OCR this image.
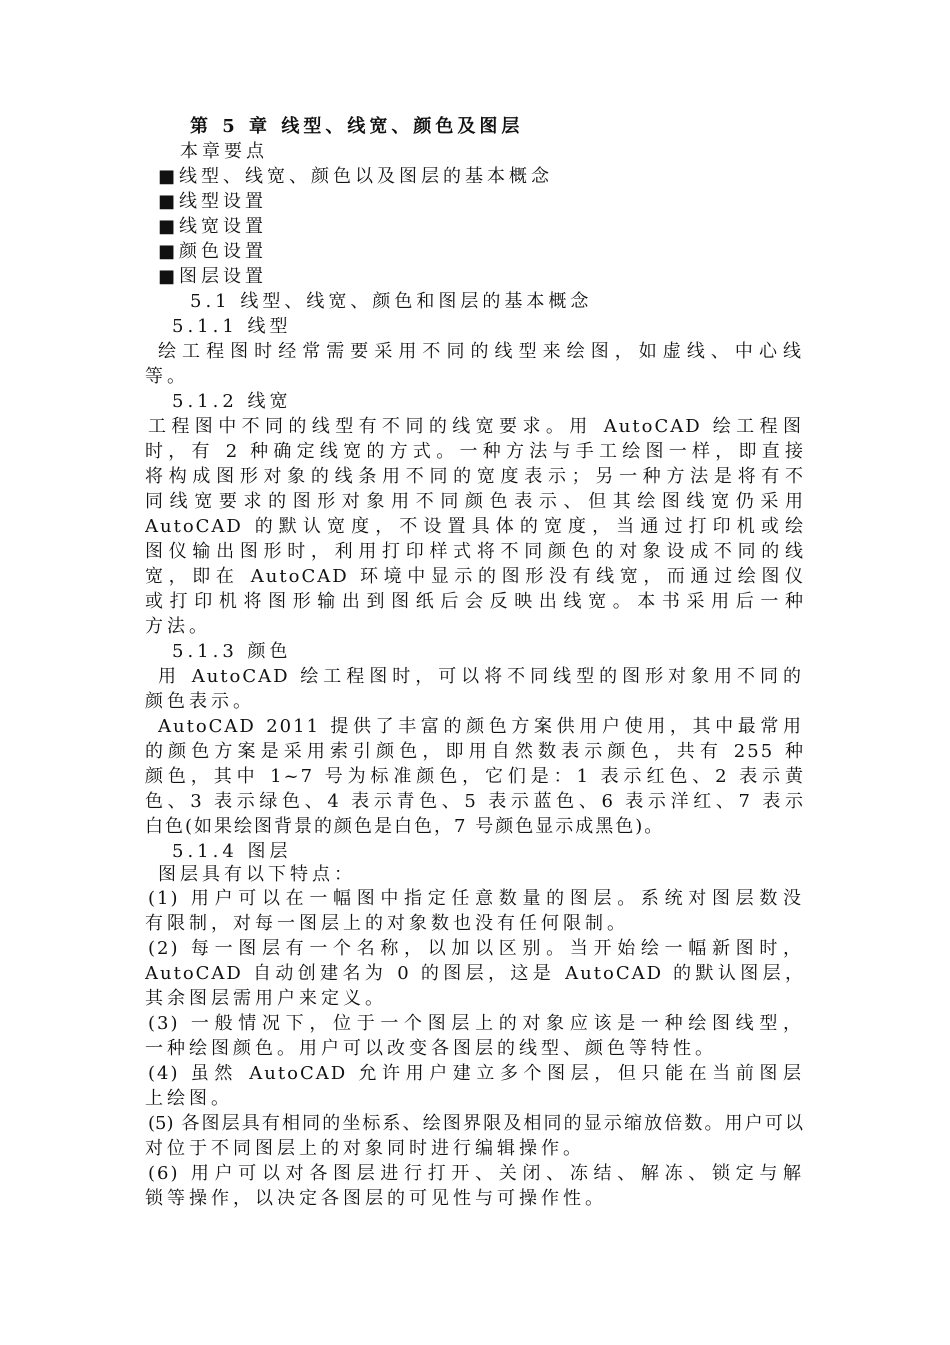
第 5 章 线型、线宽、颜色及图层
本章要点
■线型、线宽、颜色以及图层的基本概念
■线型设置
■线宽设置
■颜色设置
■图层设置
5.1 线型、线宽、颜色和图层的基本概念
5.1.1 线型
绘工程图时经常需要采用不同的线型来绘图，如虚线、中心线
等。
5.1.2 线宽
工程图中不同的线型有不同的线宽要求。用 AutoCAD 绘工程图
时，有 2 种确定线宽的方式。一种方法与手工绘图一样，即直接
将构成图形对象的线条用不同的宽度表示；另一种方法是将有不
同线宽要求的图形对象用不同颜色表示、但其绘图线宽仍采用
AutoCAD 的默认宽度，不设置具体的宽度，当通过打印机或绘
图仪输出图形时，利用打印样式将不同颜色的对象设成不同的线
宽，即在 AutoCAD 环境中显示的图形没有线宽，而通过绘图仪
或打印机将图形输出到图纸后会反映出线宽。本书采用后一种
方法。
5.1.3 颜色
用 AutoCAD 绘工程图时，可以将不同线型的图形对象用不同的
颜色表示。
AutoCAD 2011 提供了丰富的颜色方案供用户使用，其中最常用
的颜色方案是采用索引颜色，即用自然数表示颜色，共有 255 种
颜色，其中 1~7 号为标准颜色，它们是：1 表示红色、2 表示黄
色、3 表示绿色、4 表示青色、5 表示蓝色、6 表示洋红、7 表示
白色(如果绘图背景的颜色是白色，7 号颜色显示成黑色)。
5.1.4 图层
图层具有以下特点：
(1) 用户可以在一幅图中指定任意数量的图层。系统对图层数没
有限制，对每一图层上的对象数也没有任何限制。
(2) 每一图层有一个名称，以加以区别。当开始绘一幅新图时，
AutoCAD 自动创建名为 0 的图层，这是 AutoCAD 的默认图层，
其余图层需用户来定义。
(3) 一般情况下，位于一个图层上的对象应该是一种绘图线型，
一种绘图颜色。用户可以改变各图层的线型、颜色等特性。
(4) 虽然 AutoCAD 允许用户建立多个图层，但只能在当前图层
上绘图。
(5) 各图层具有相同的坐标系、绘图界限及相同的显示缩放倍数。用户可以
对位于不同图层上的对象同时进行编辑操作。
(6) 用户可以对各图层进行打开、关闭、冻结、解冻、锁定与解
锁等操作，以决定各图层的可见性与可操作性。
